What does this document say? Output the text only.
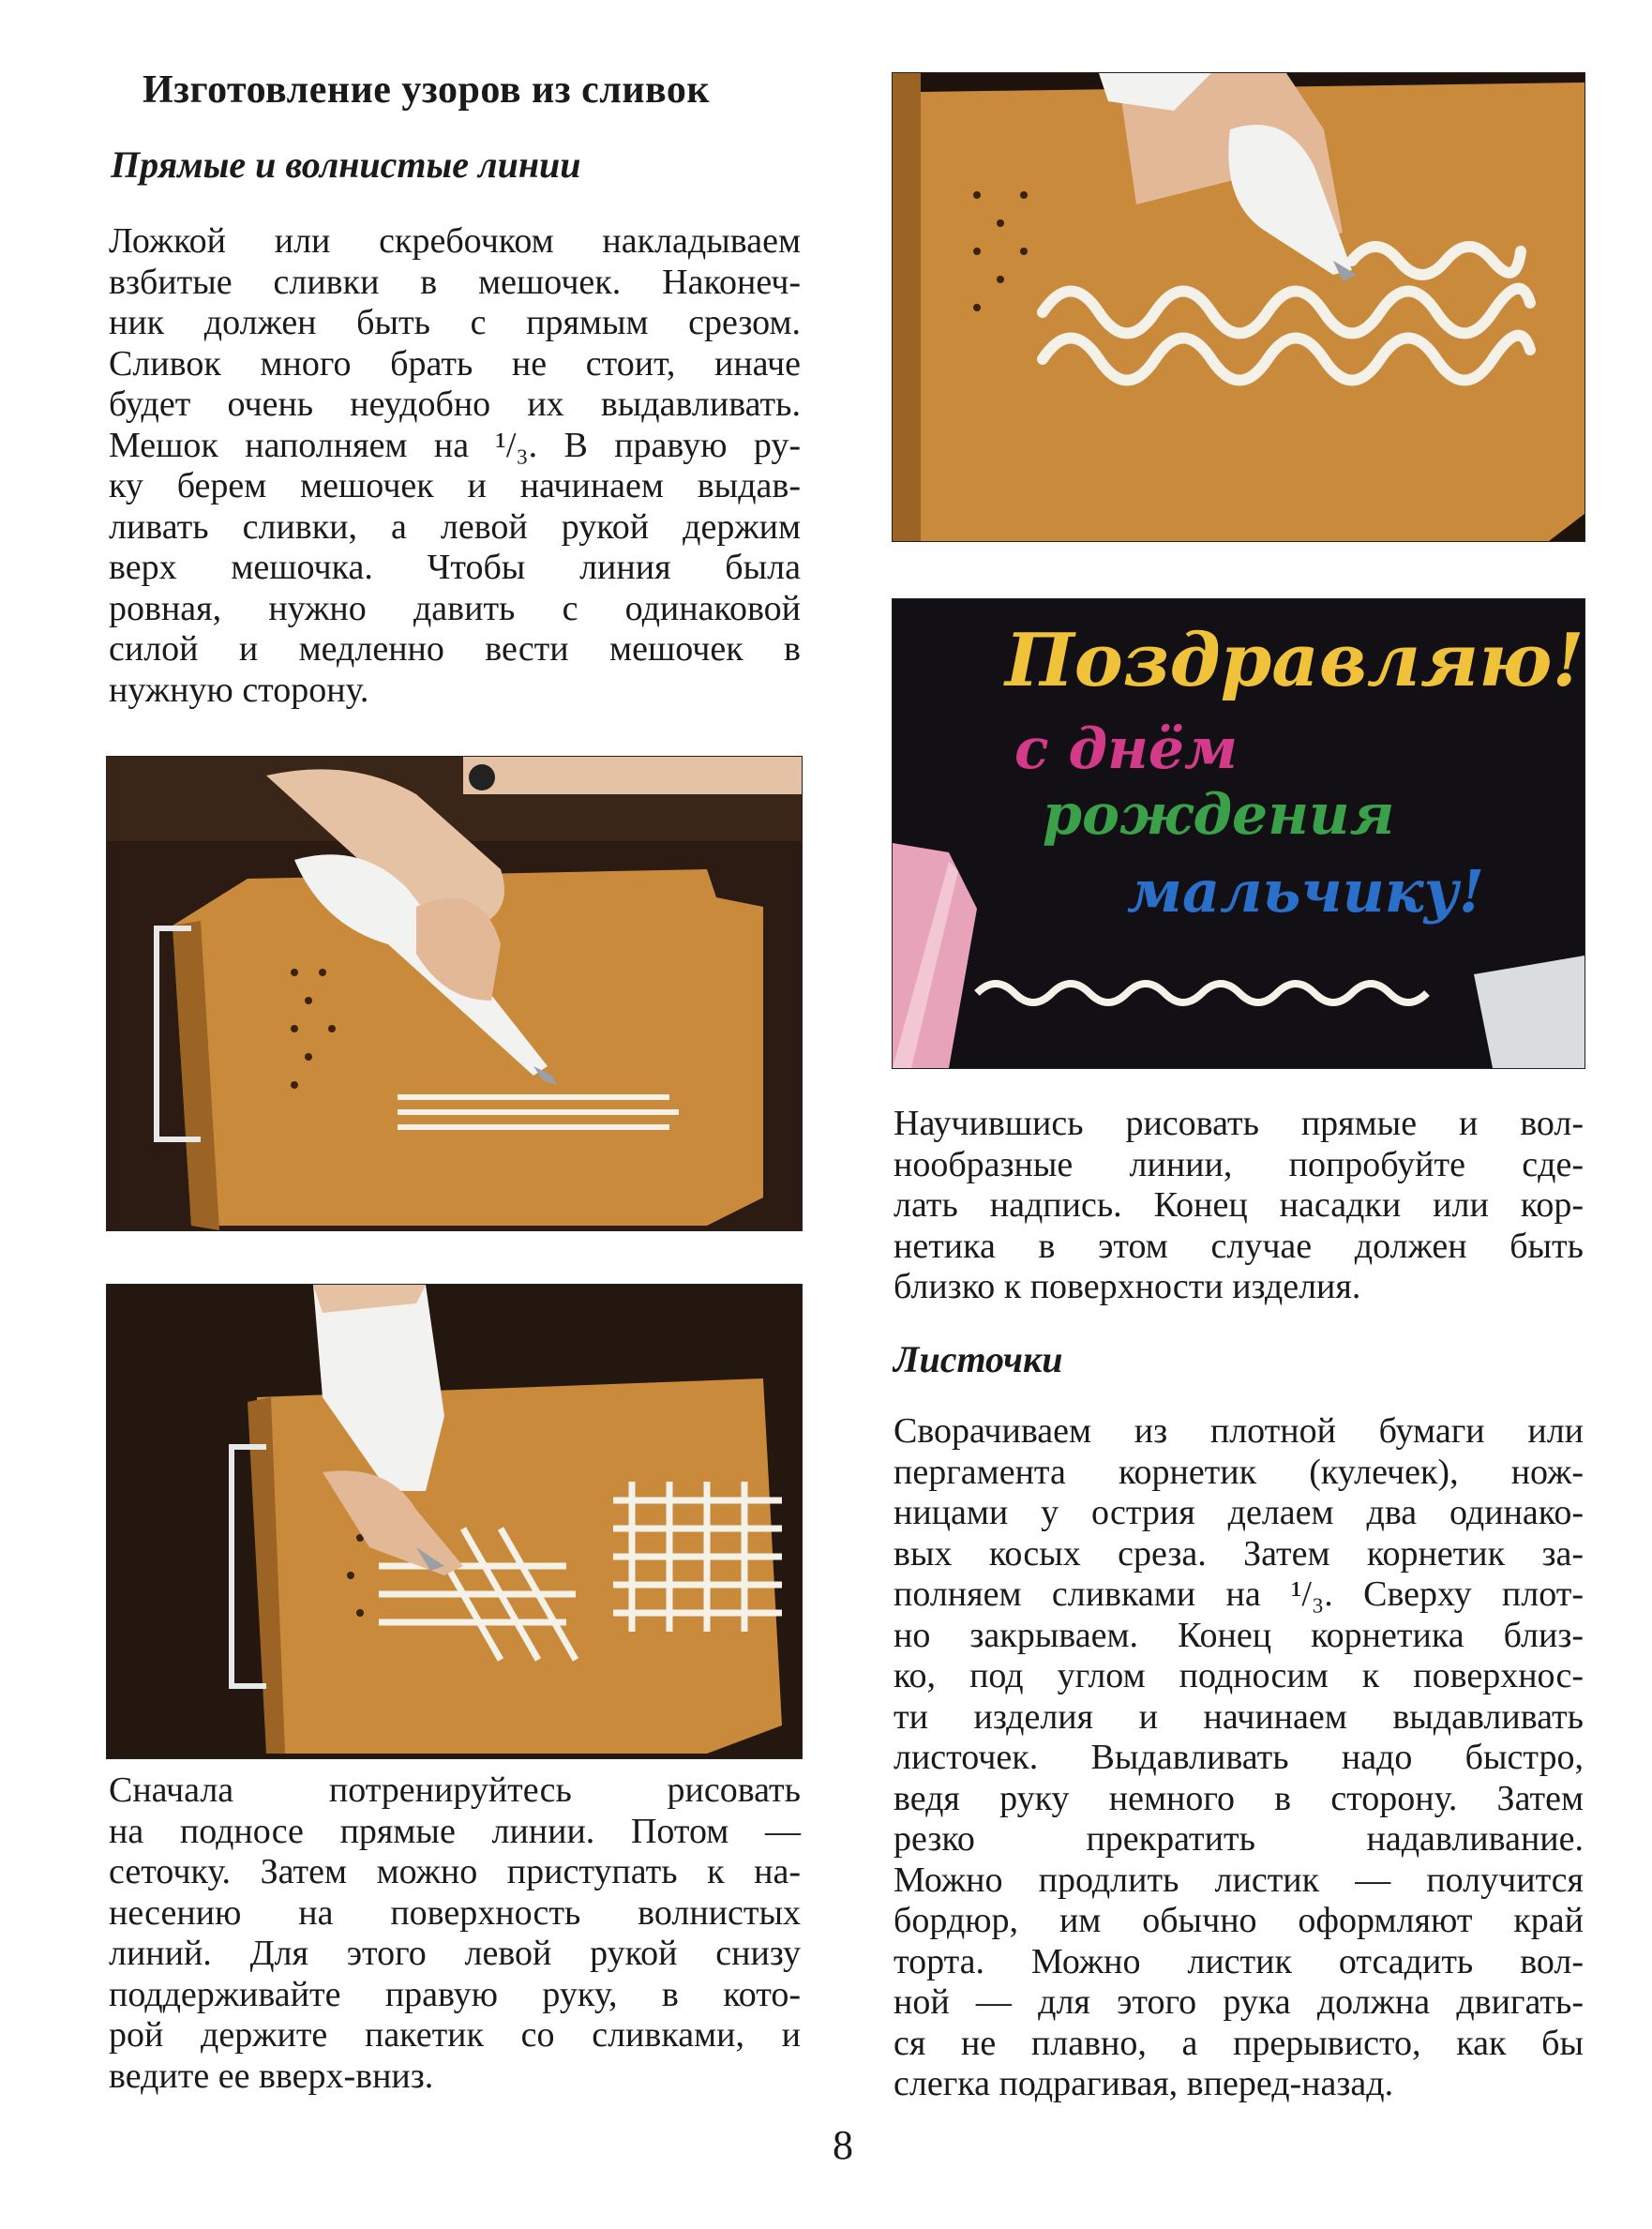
Изготовление узоров из сливок
Прямые и волнистые линии
Ложкой или скребочком накладываем
взбитые сливки в мешочек. Наконеч-
ник должен быть с прямым срезом.
Сливок много брать не стоит, иначе
будет очень неудобно их выдавливать.
Мешок наполняем на ¹/₃. В правую ру-
ку берем мешочек и начинаем выдав-
ливать сливки, а левой рукой держим
верх мешочка. Чтобы линия была
ровная, нужно давить с одинаковой
силой и медленно вести мешочек в
нужную сторону.
Сначала потренируйтесь рисовать
на подносе прямые линии. Потом —
сеточку. Затем можно приступать к на-
несению на поверхность волнистых
линий. Для этого левой рукой снизу
поддерживайте правую руку, в кото-
рой держите пакетик со сливками, и
ведите ее вверх-вниз.
Поздравляю!
с днём
рождения
мальчику!
Научившись рисовать прямые и вол-
нообразные линии, попробуйте сде-
лать надпись. Конец насадки или кор-
нетика в этом случае должен быть
близко к поверхности изделия.
Листочки
Сворачиваем из плотной бумаги или
пергамента корнетик (кулечек), нож-
ницами у острия делаем два одинако-
вых косых среза. Затем корнетик за-
полняем сливками на ¹/₃. Сверху плот-
но закрываем. Конец корнетика близ-
ко, под углом подносим к поверхнос-
ти изделия и начинаем выдавливать
листочек. Выдавливать надо быстро,
ведя руку немного в сторону. Затем
резко прекратить надавливание.
Можно продлить листик — получится
бордюр, им обычно оформляют край
торта. Можно листик отсадить вол-
ной — для этого рука должна двигать-
ся не плавно, а прерывисто, как бы
слегка подрагивая, вперед-назад.
8
